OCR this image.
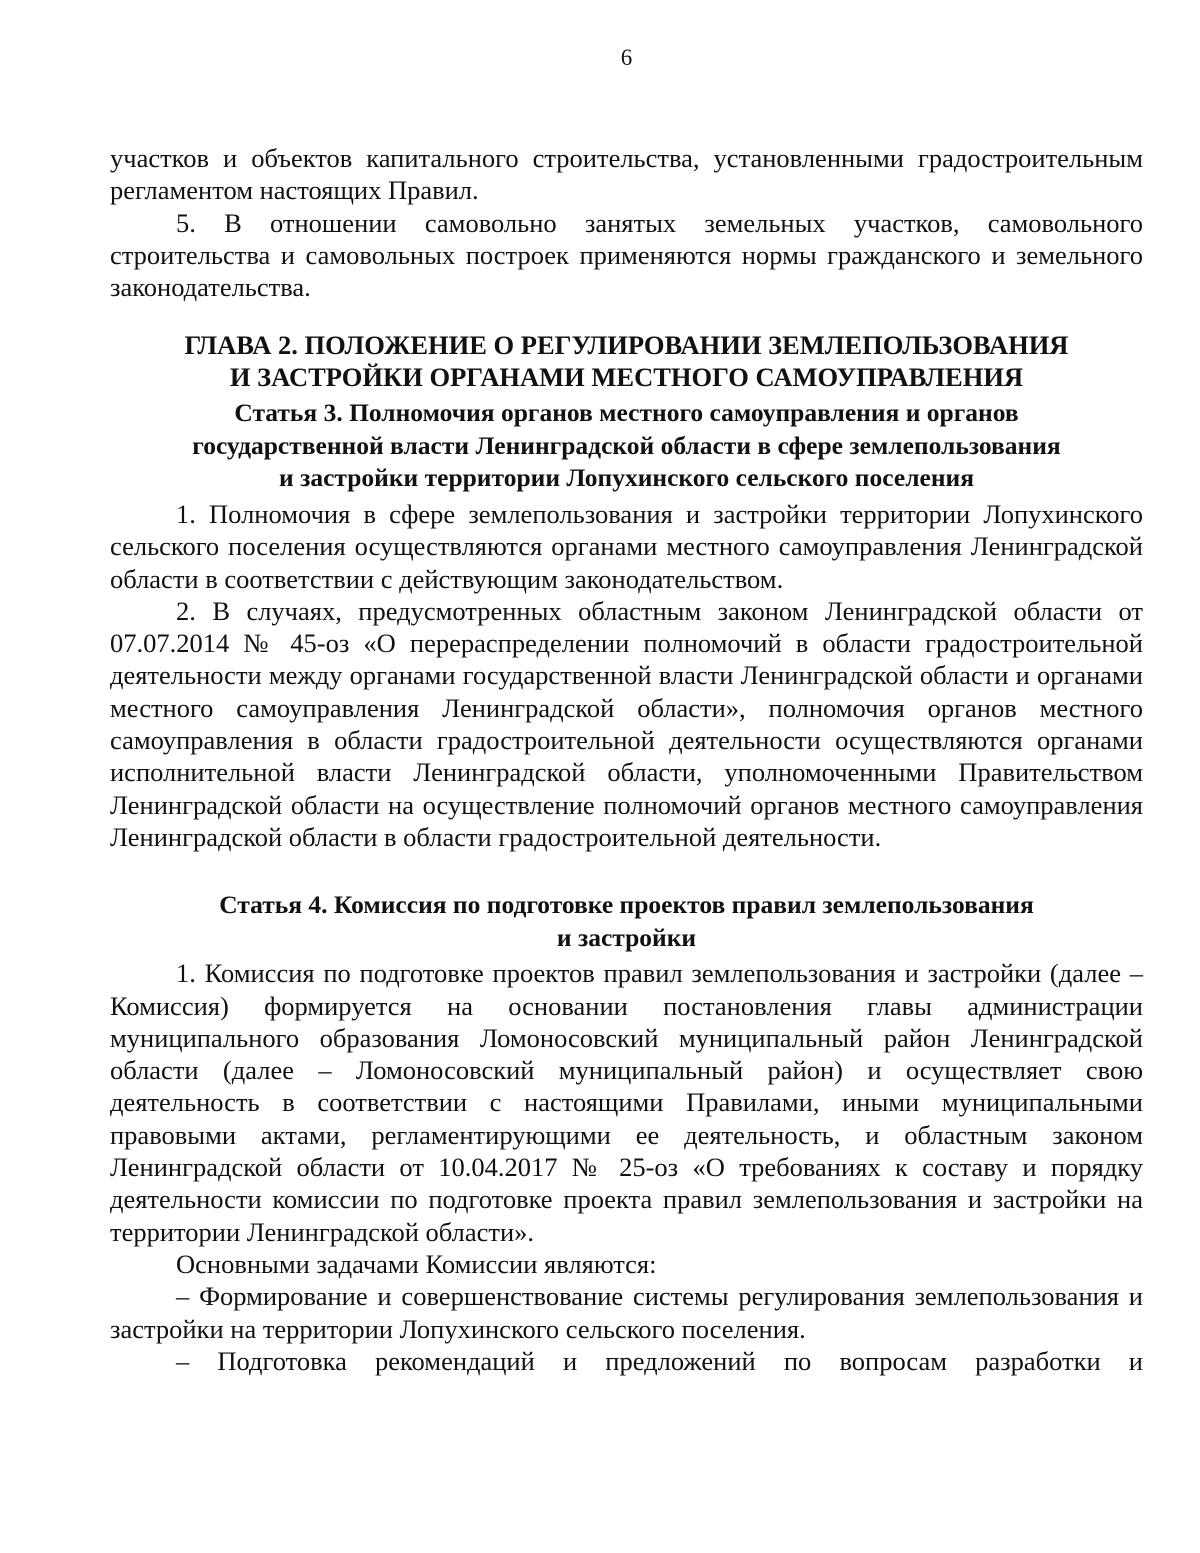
6

участков и объектов капитального строительства, установленными градостроительным регламентом настоящих Правил.

5. В отношении самовольно занятых земельных участков, самовольного строительства и самовольных построек применяются нормы гражданского и земельного законодательства.

ГЛАВА 2. ПОЛОЖЕНИЕ О РЕГУЛИРОВАНИИ ЗЕМЛЕПОЛЬЗОВАНИЯ
И ЗАСТРОЙКИ ОРГАНАМИ МЕСТНОГО САМОУПРАВЛЕНИЯ
Статья 3. Полномочия органов местного самоуправления и органов
государственной власти Ленинградской области в сфере землепользования
и застройки территории Лопухинского сельского поселения

1. Полномочия в сфере землепользования и застройки территории Лопухинского сельского поселения осуществляются органами местного самоуправления Ленинградской области в соответствии с действующим законодательством.

2. В случаях, предусмотренных областным законом Ленинградской области от 07.07.2014 № 45-оз «О перераспределении полномочий в области градостроительной деятельности между органами государственной власти Ленинградской области и органами местного самоуправления Ленинградской области», полномочия органов местного самоуправления в области градостроительной деятельности осуществляются органами исполнительной власти Ленинградской области, уполномоченными Правительством Ленинградской области на осуществление полномочий органов местного самоуправления Ленинградской области в области градостроительной деятельности.

Статья 4. Комиссия по подготовке проектов правил землепользования
и застройки

1. Комиссия по подготовке проектов правил землепользования и застройки (далее – Комиссия) формируется на основании постановления главы администрации муниципального образования Ломоносовский муниципальный район Ленинградской области (далее – Ломоносовский муниципальный район) и осуществляет свою деятельность в соответствии с настоящими Правилами, иными муниципальными правовыми актами, регламентирующими ее деятельность, и областным законом Ленинградской области от 10.04.2017 № 25-оз «О требованиях к составу и порядку деятельности комиссии по подготовке проекта правил землепользования и застройки на территории Ленинградской области».

Основными задачами Комиссии являются:

– Формирование и совершенствование системы регулирования землепользования и застройки на территории Лопухинского сельского поселения.

– Подготовка рекомендаций и предложений по вопросам разработки и
